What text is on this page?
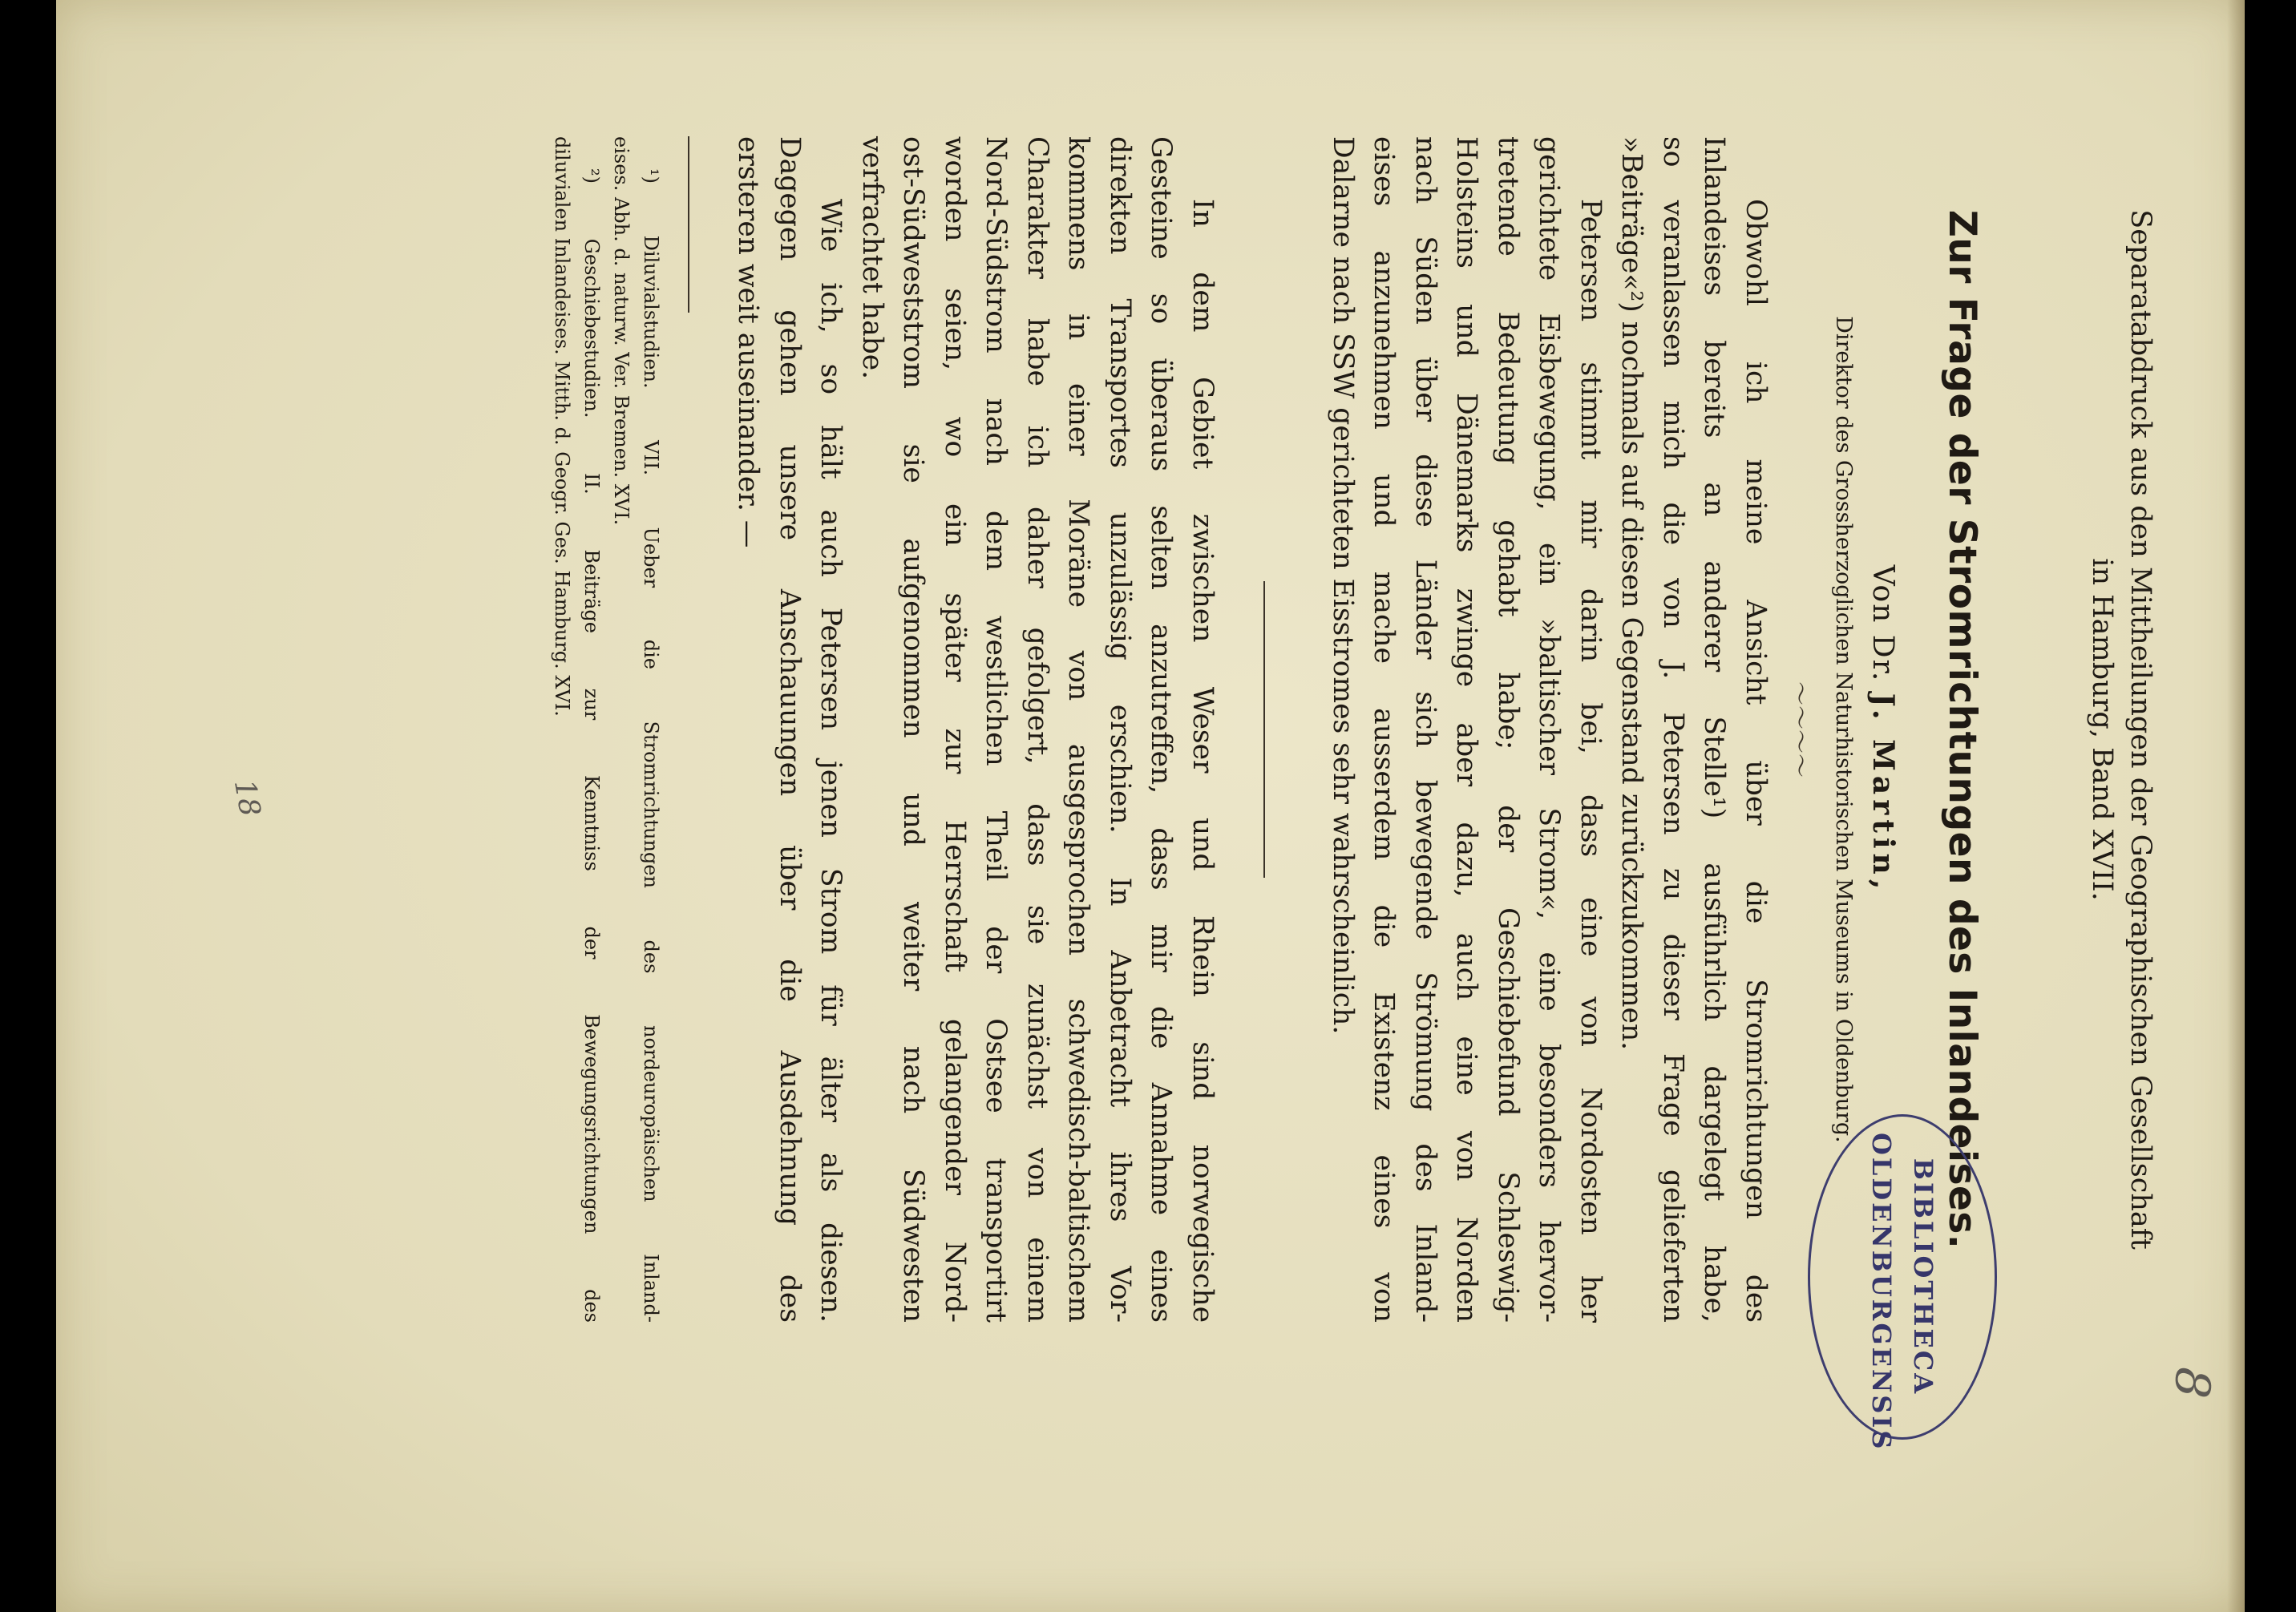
Separatabdruck aus den Mittheilungen der Geographischen Gesellschaft
in Hamburg, Band XVII.
Zur Frage der Stromrichtungen des Inlandeises.
Von Dr. J. Martin,
Direktor des Grossherzoglichen Naturhistorischen Museums in Oldenburg.
〜〜〜〜

Obwohl ich meine Ansicht über die Stromrichtungen des

Inlandeises bereits an anderer Stelle¹) ausführlich dargelegt habe,

so veranlassen mich die von J. Petersen zu dieser Frage gelieferten

»Beiträge«²) nochmals auf diesen Gegenstand zurückzukommen.

Petersen stimmt mir darin bei, dass eine von Nordosten her

gerichtete Eisbewegung, ein »baltischer Strom«, eine besonders hervor-

tretende Bedeutung gehabt habe; der Geschiebefund Schleswig-

Holsteins und Dänemarks zwinge aber dazu, auch eine von Norden

nach Süden über diese Länder sich bewegende Strömung des Inland-

eises anzunehmen und mache ausserdem die Existenz eines von

Dalarne nach SSW gerichteten Eisstromes sehr wahrscheinlich.

In dem Gebiet zwischen Weser und Rhein sind norwegische

Gesteine so überaus selten anzutreffen, dass mir die Annahme eines

direkten Transportes unzulässig erschien. In Anbetracht ihres Vor-

kommens in einer Moräne von ausgesprochen schwedisch-baltischem

Charakter habe ich daher gefolgert, dass sie zunächst von einem

Nord-Südstrom nach dem westlichen Theil der Ostsee transportirt

worden seien, wo ein später zur Herrschaft gelangender Nord-

ost-Südweststrom sie aufgenommen und weiter nach Südwesten

verfrachtet habe.

Wie ich, so hält auch Petersen jenen Strom für älter als diesen.

Dagegen gehen unsere Anschauungen über die Ausdehnung des

ersteren weit auseinander. —

¹) Diluvialstudien. VII. Ueber die Stromrichtungen des nordeuropäischen Inland-

eises. Abh. d. naturw. Ver. Bremen. XVI.

²) Geschiebestudien. II. Beiträge zur Kenntniss der Bewegungsrichtungen des

diluvialen Inlandeises. Mitth. d. Geogr. Ges. Hamburg. XVI.

BIBLIOTHECA
OLDENBURGENSIS	8
18
